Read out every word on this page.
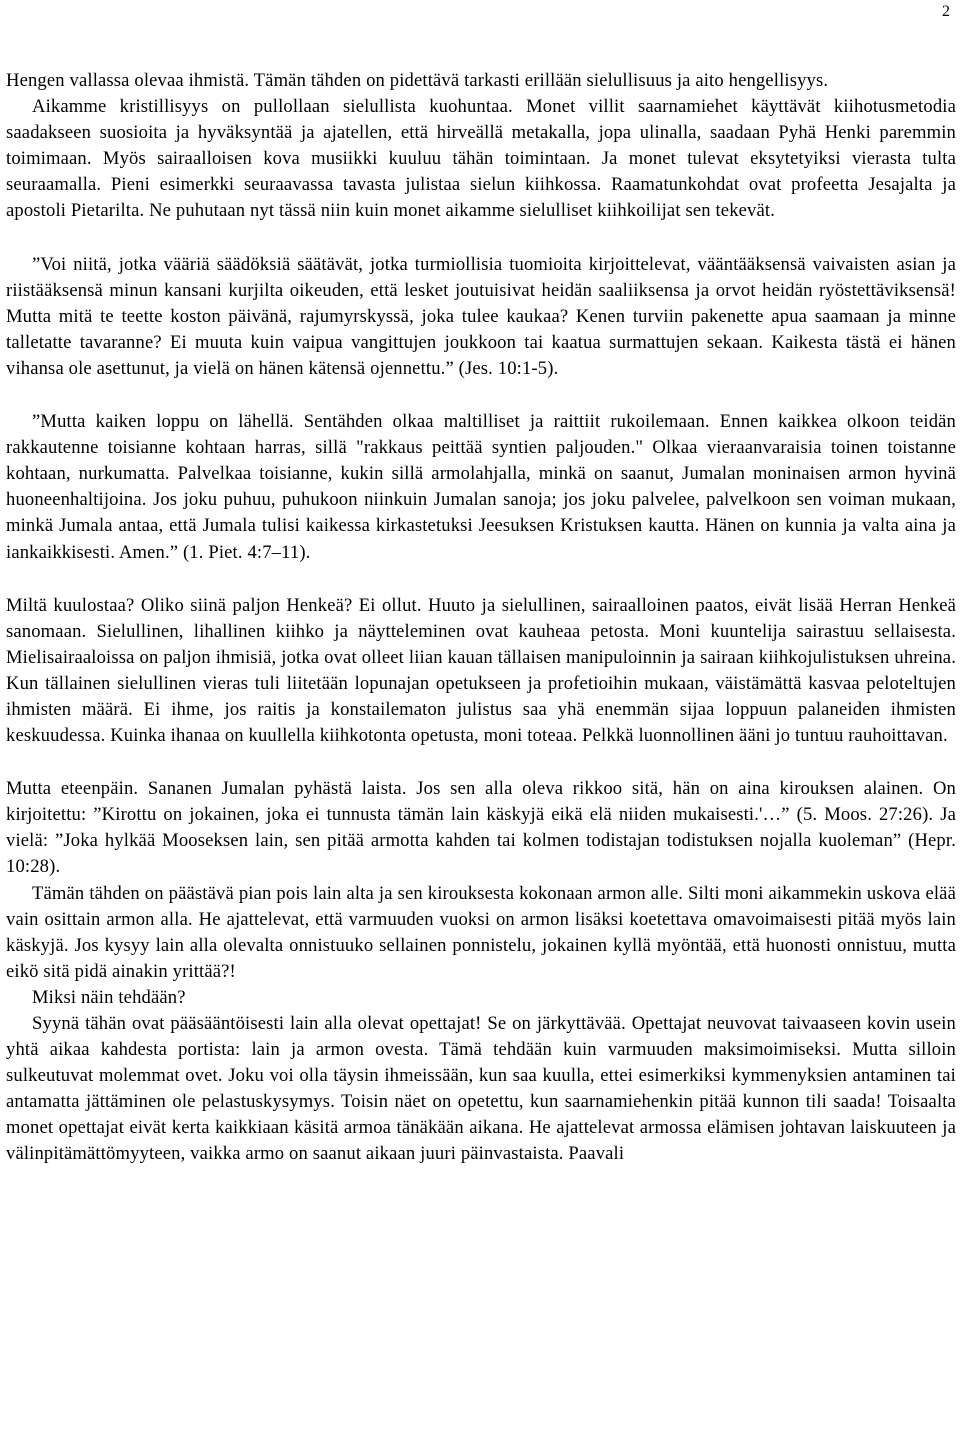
2

Hengen vallassa olevaa ihmistä. Tämän tähden on pidettävä tarkasti erillään sielullisuus ja aito hengellisyys.

Aikamme kristillisyys on pullollaan sielullista kuohuntaa. Monet villit saarnamiehet käyttävät kiihotusmetodia saadakseen suosioita ja hyväksyntää ja ajatellen, että hirveällä metakalla, jopa ulinalla, saadaan Pyhä Henki paremmin toimimaan. Myös sairaalloisen kova musiikki kuuluu tähän toimintaan. Ja monet tulevat eksytetyiksi vierasta tulta seuraamalla. Pieni esimerkki seuraavassa tavasta julistaa sielun kiihkossa. Raamatunkohdat ovat profeetta Jesajalta ja apostoli Pietarilta. Ne puhutaan nyt tässä niin kuin monet aikamme sielulliset kiihkoilijat sen tekevät.

”Voi niitä, jotka vääriä säädöksiä säätävät, jotka turmiollisia tuomioita kirjoittelevat, vääntääksensä vaivaisten asian ja riistääksensä minun kansani kurjilta oikeuden, että lesket joutuisivat heidän saaliiksensa ja orvot heidän ryöstettäviksensä! Mutta mitä te teette koston päivänä, rajumyrskyssä, joka tulee kaukaa? Kenen turviin pakenette apua saamaan ja minne talletatte tavaranne? Ei muuta kuin vaipua vangittujen joukkoon tai kaatua surmattujen sekaan. Kaikesta tästä ei hänen vihansa ole asettunut, ja vielä on hänen kätensä ojennettu.” (Jes. 10:1-5).

”Mutta kaiken loppu on lähellä. Sentähden olkaa maltilliset ja raittiit rukoilemaan. Ennen kaikkea olkoon teidän rakkautenne toisianne kohtaan harras, sillä "rakkaus peittää syntien paljouden." Olkaa vieraanvaraisia toinen toistanne kohtaan, nurkumatta. Palvelkaa toisianne, kukin sillä armolahjalla, minkä on saanut, Jumalan moninaisen armon hyvinä huoneenhaltijoina. Jos joku puhuu, puhukoon niinkuin Jumalan sanoja; jos joku palvelee, palvelkoon sen voiman mukaan, minkä Jumala antaa, että Jumala tulisi kaikessa kirkastetuksi Jeesuksen Kristuksen kautta. Hänen on kunnia ja valta aina ja iankaikkisesti. Amen.” (1. Piet. 4:7–11).

Miltä kuulostaa? Oliko siinä paljon Henkeä? Ei ollut. Huuto ja sielullinen, sairaalloinen paatos, eivät lisää Herran Henkeä sanomaan. Sielullinen, lihallinen kiihko ja näytteleminen ovat kauheaa petosta. Moni kuuntelija sairastuu sellaisesta. Mielisairaaloissa on paljon ihmisiä, jotka ovat olleet liian kauan tällaisen manipuloinnin ja sairaan kiihkojulistuksen uhreina. Kun tällainen sielullinen vieras tuli liitetään lopunajan opetukseen ja profetioihin mukaan, väistämättä kasvaa peloteltujen ihmisten määrä. Ei ihme, jos raitis ja konstailematon julistus saa yhä enemmän sijaa loppuun palaneiden ihmisten keskuudessa. Kuinka ihanaa on kuullella kiihkotonta opetusta, moni toteaa. Pelkkä luonnollinen ääni jo tuntuu rauhoittavan.

Mutta eteenpäin. Sananen Jumalan pyhästä laista. Jos sen alla oleva rikkoo sitä, hän on aina kirouksen alainen. On kirjoitettu: ”Kirottu on jokainen, joka ei tunnusta tämän lain käskyjä eikä elä niiden mukaisesti.'…” (5. Moos. 27:26). Ja vielä: ”Joka hylkää Mooseksen lain, sen pitää armotta kahden tai kolmen todistajan todistuksen nojalla kuoleman” (Hepr. 10:28).

Tämän tähden on päästävä pian pois lain alta ja sen kirouksesta kokonaan armon alle. Silti moni aikammekin uskova elää vain osittain armon alla. He ajattelevat, että varmuuden vuoksi on armon lisäksi koetettava omavoimaisesti pitää myös lain käskyjä. Jos kysyy lain alla olevalta onnistuuko sellainen ponnistelu, jokainen kyllä myöntää, että huonosti onnistuu, mutta eikö sitä pidä ainakin yrittää?!

Miksi näin tehdään?

Syynä tähän ovat pääsääntöisesti lain alla olevat opettajat! Se on järkyttävää. Opettajat neuvovat taivaaseen kovin usein yhtä aikaa kahdesta portista: lain ja armon ovesta. Tämä tehdään kuin varmuuden maksimoimiseksi. Mutta silloin sulkeutuvat molemmat ovet. Joku voi olla täysin ihmeissään, kun saa kuulla, ettei esimerkiksi kymmenyksien antaminen tai antamatta jättäminen ole pelastuskysymys. Toisin näet on opetettu, kun saarnamiehenkin pitää kunnon tili saada! Toisaalta monet opettajat eivät kerta kaikkiaan käsitä armoa tänäkään aikana. He ajattelevat armossa elämisen johtavan laiskuuteen ja välinpitämättömyyteen, vaikka armo on saanut aikaan juuri päinvastaista. Paavali
